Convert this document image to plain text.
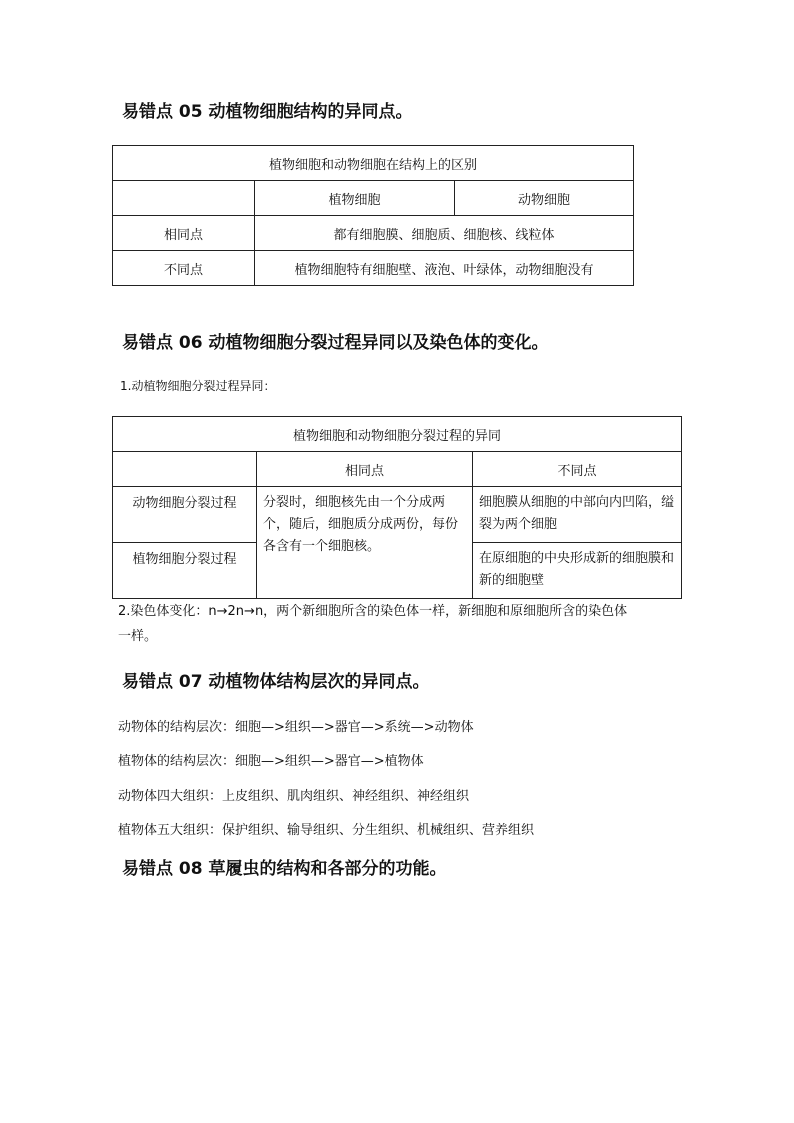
易错点 05 动植物细胞结构的异同点。
植物细胞和动物细胞在结构上的区别		
	植物细胞	动物细胞
相同点	都有细胞膜、细胞质、细胞核、线粒体	
不同点	植物细胞特有细胞壁、液泡、叶绿体，动物细胞没有	
易错点 06 动植物细胞分裂过程异同以及染色体的变化。
1.动植物细胞分裂过程异同：
植物细胞和动物细胞分裂过程的异同		
	相同点	不同点
动物细胞分裂过程	分裂时，细胞核先由一个分成两个，随后，细胞质分成两份，每份各含有一个细胞核。	细胞膜从细胞的中部向内凹陷，缢裂为两个细胞
植物细胞分裂过程		在原细胞的中央形成新的细胞膜和新的细胞壁
2.染色体变化：n→2n→n，两个新细胞所含的染色体一样，新细胞和原细胞所含的染色体
一样。
易错点 07 动植物体结构层次的异同点。
动物体的结构层次：细胞—>组织—>器官—>系统—>动物体
植物体的结构层次：细胞—>组织—>器官—>植物体
动物体四大组织：上皮组织、肌肉组织、神经组织、神经组织
植物体五大组织：保护组织、输导组织、分生组织、机械组织、营养组织
易错点 08 草履虫的结构和各部分的功能。
